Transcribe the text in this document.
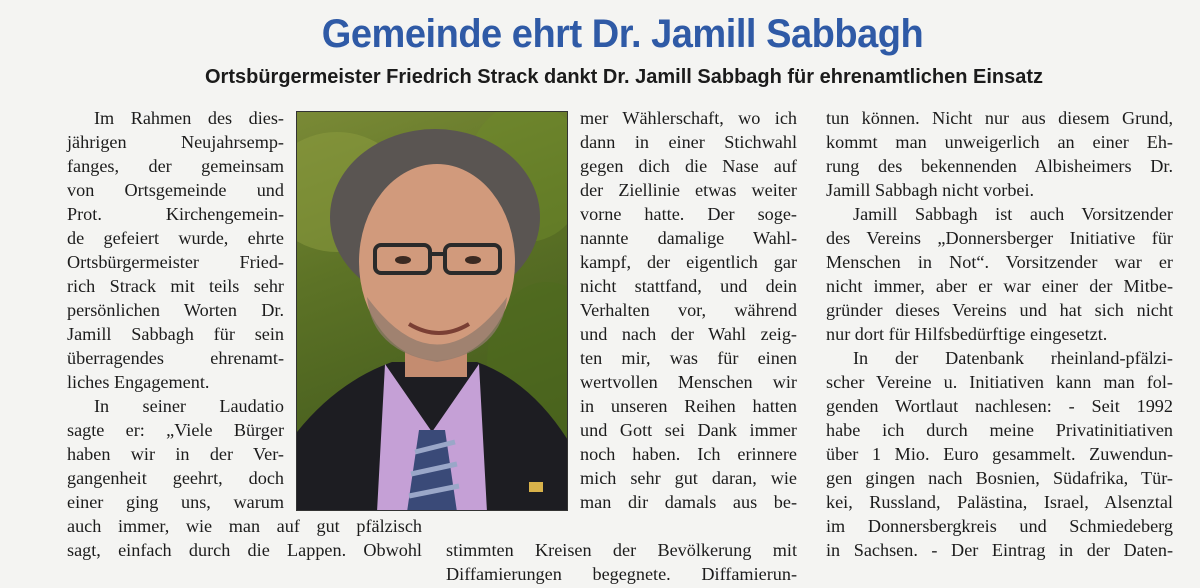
Gemeinde ehrt Dr. Jamill Sabbagh
Ortsbürgermeister Friedrich Strack dankt Dr. Jamill Sabbagh für ehrenamtlichen Einsatz
Im Rahmen des dies-
jährigen Neujahrsemp-
fanges, der gemeinsam
von Ortsgemeinde und
Prot. Kirchengemein-
de gefeiert wurde, ehrte
Ortsbürgermeister Fried-
rich Strack mit teils sehr
persönlichen Worten Dr.
Jamill Sabbagh für sein
überragendes ehrenamt-
liches Engagement.
In seiner Laudatio
sagte er: „Viele Bürger
haben wir in der Ver-
gangenheit geehrt, doch
einer ging uns, warum
auch immer, wie man auf gut pfälzisch
sagt, einfach durch die Lappen. Obwohl
mer Wählerschaft, wo ich
dann in einer Stichwahl
gegen dich die Nase auf
der Ziellinie etwas weiter
vorne hatte. Der soge-
nannte damalige Wahl-
kampf, der eigentlich gar
nicht stattfand, und dein
Verhalten vor, während
und nach der Wahl zeig-
ten mir, was für einen
wertvollen Menschen wir
in unseren Reihen hatten
und Gott sei Dank immer
noch haben. Ich erinnere
mich sehr gut daran, wie
man dir damals aus be-
stimmten Kreisen der Bevölkerung mit
Diffamierungen begegnete. Diffamierun-
tun können. Nicht nur aus diesem Grund,
kommt man unweigerlich an einer Eh-
rung des bekennenden Albisheimers Dr.
Jamill Sabbagh nicht vorbei.
Jamill Sabbagh ist auch Vorsitzender
des Vereins „Donnersberger Initiative für
Menschen in Not“. Vorsitzender war er
nicht immer, aber er war einer der Mitbe-
gründer dieses Vereins und hat sich nicht
nur dort für Hilfsbedürftige eingesetzt.
In der Datenbank rheinland-pfälzi-
scher Vereine u. Initiativen kann man fol-
genden Wortlaut nachlesen: - Seit 1992
habe ich durch meine Privatinitiativen
über 1 Mio. Euro gesammelt. Zuwendun-
gen gingen nach Bosnien, Südafrika, Tür-
kei, Russland, Palästina, Israel, Alsenztal
im Donnersbergkreis und Schmiedeberg
in Sachsen. - Der Eintrag in der Daten-
